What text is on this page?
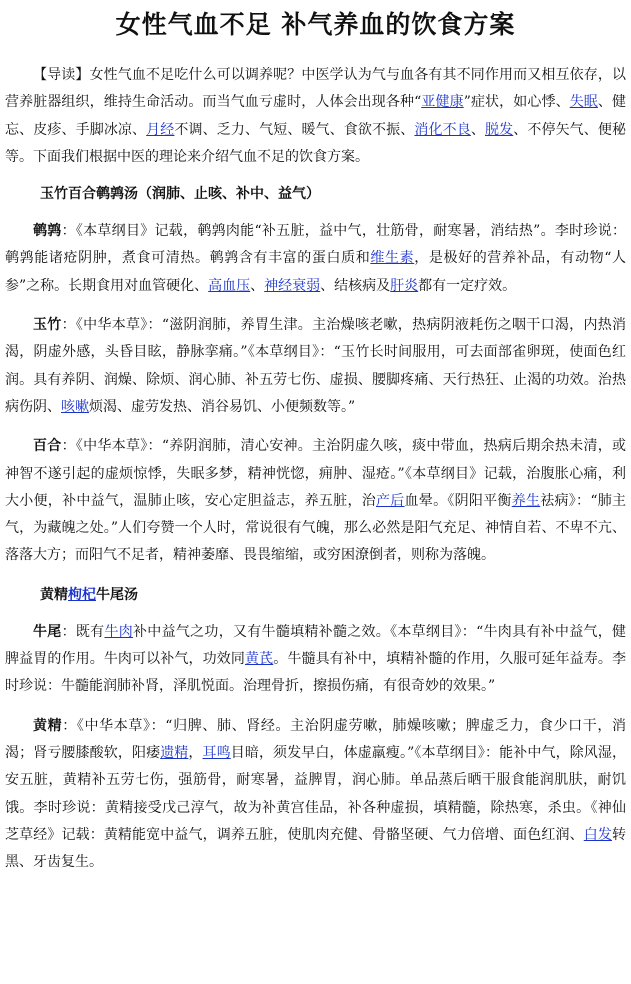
女性气血不足 补气养血的饮食方案

【导读】女性气血不足吃什么可以调养呢？中医学认为气与血各有其不同作用而又相互依存，以营养脏器组织，维持生命活动。而当气血亏虚时，人体会出现各种“亚健康”症状，如心悸、失眠、健忘、皮疹、手脚冰凉、月经不调、乏力、气短、暖气、食欲不振、消化不良、脱发、不停矢气、便秘等。下面我们根据中医的理论来介绍气血不足的饮食方案。

玉竹百合鹌鹑汤（润肺、止咳、补中、益气）

鹌鹑：《本草纲目》记载，鹌鹑肉能“补五脏，益中气，壮筋骨，耐寒暑，消结热”。李时珍说：鹌鹑能诸疮阴肿，煮食可清热。鹌鹑含有丰富的蛋白质和维生素，是极好的营养补品，有动物“人参”之称。长期食用对血管硬化、高血压、神经衰弱、结核病及肝炎都有一定疗效。

玉竹：《中华本草》：“滋阴润肺，养胃生津。主治燥咳老嗽，热病阴液耗伤之咽干口渴，内热消渴，阴虚外感，头昏目眩，静脉挛痛。”《本草纲目》：“玉竹长时间服用，可去面部雀卵斑，使面色红润。具有养阴、润燥、除烦、润心肺、补五劳七伤、虚损、腰脚疼痛、天行热狂、止渴的功效。治热病伤阴、咳嗽烦渴、虚劳发热、消谷易饥、小便频数等。”

百合：《中华本草》：“养阴润肺，清心安神。主治阴虚久咳，痰中带血，热病后期余热未清，或神智不遂引起的虚烦惊悸，失眠多梦，精神恍惚，痈肿、湿疮。”《本草纲目》记载，治腹胀心痛，利大小便，补中益气，温肺止咳，安心定胆益志，养五脏，治产后血晕。《阴阳平衡养生祛病》：“肺主气，为藏魄之处。”人们夸赞一个人时，常说很有气魄，那么必然是阳气充足、神情自若、不卑不亢、落落大方；而阳气不足者，精神萎靡、畏畏缩缩，或穷困潦倒者，则称为落魄。

黄精枸杞牛尾汤

牛尾：既有牛肉补中益气之功，又有牛髓填精补髓之效。《本草纲目》：“牛肉具有补中益气，健脾益胃的作用。牛肉可以补气，功效同黄芪。牛髓具有补中，填精补髓的作用，久服可延年益寿。李时珍说：牛髓能润肺补肾，泽肌悦面。治理骨折，擦损伤痛，有很奇妙的效果。”

黄精：《中华本草》：“归脾、肺、肾经。主治阴虚劳嗽，肺燥咳嗽；脾虚乏力，食少口干，消渴；肾亏腰膝酸软，阳痿遗精，耳鸣目暗，须发早白，体虚羸瘦。”《本草纲目》：能补中气，除风湿，安五脏，黄精补五劳七伤，强筋骨，耐寒暑，益脾胃，润心肺。单品蒸后晒干服食能润肌肤，耐饥饿。李时珍说：黄精接受戊己淳气，故为补黄宫佳品，补各种虚损，填精髓，除热寒，杀虫。《神仙芝草经》记载：黄精能宽中益气，调养五脏，使肌肉充健、骨骼坚硬、气力倍增、面色红润、白发转黑、牙齿复生。
